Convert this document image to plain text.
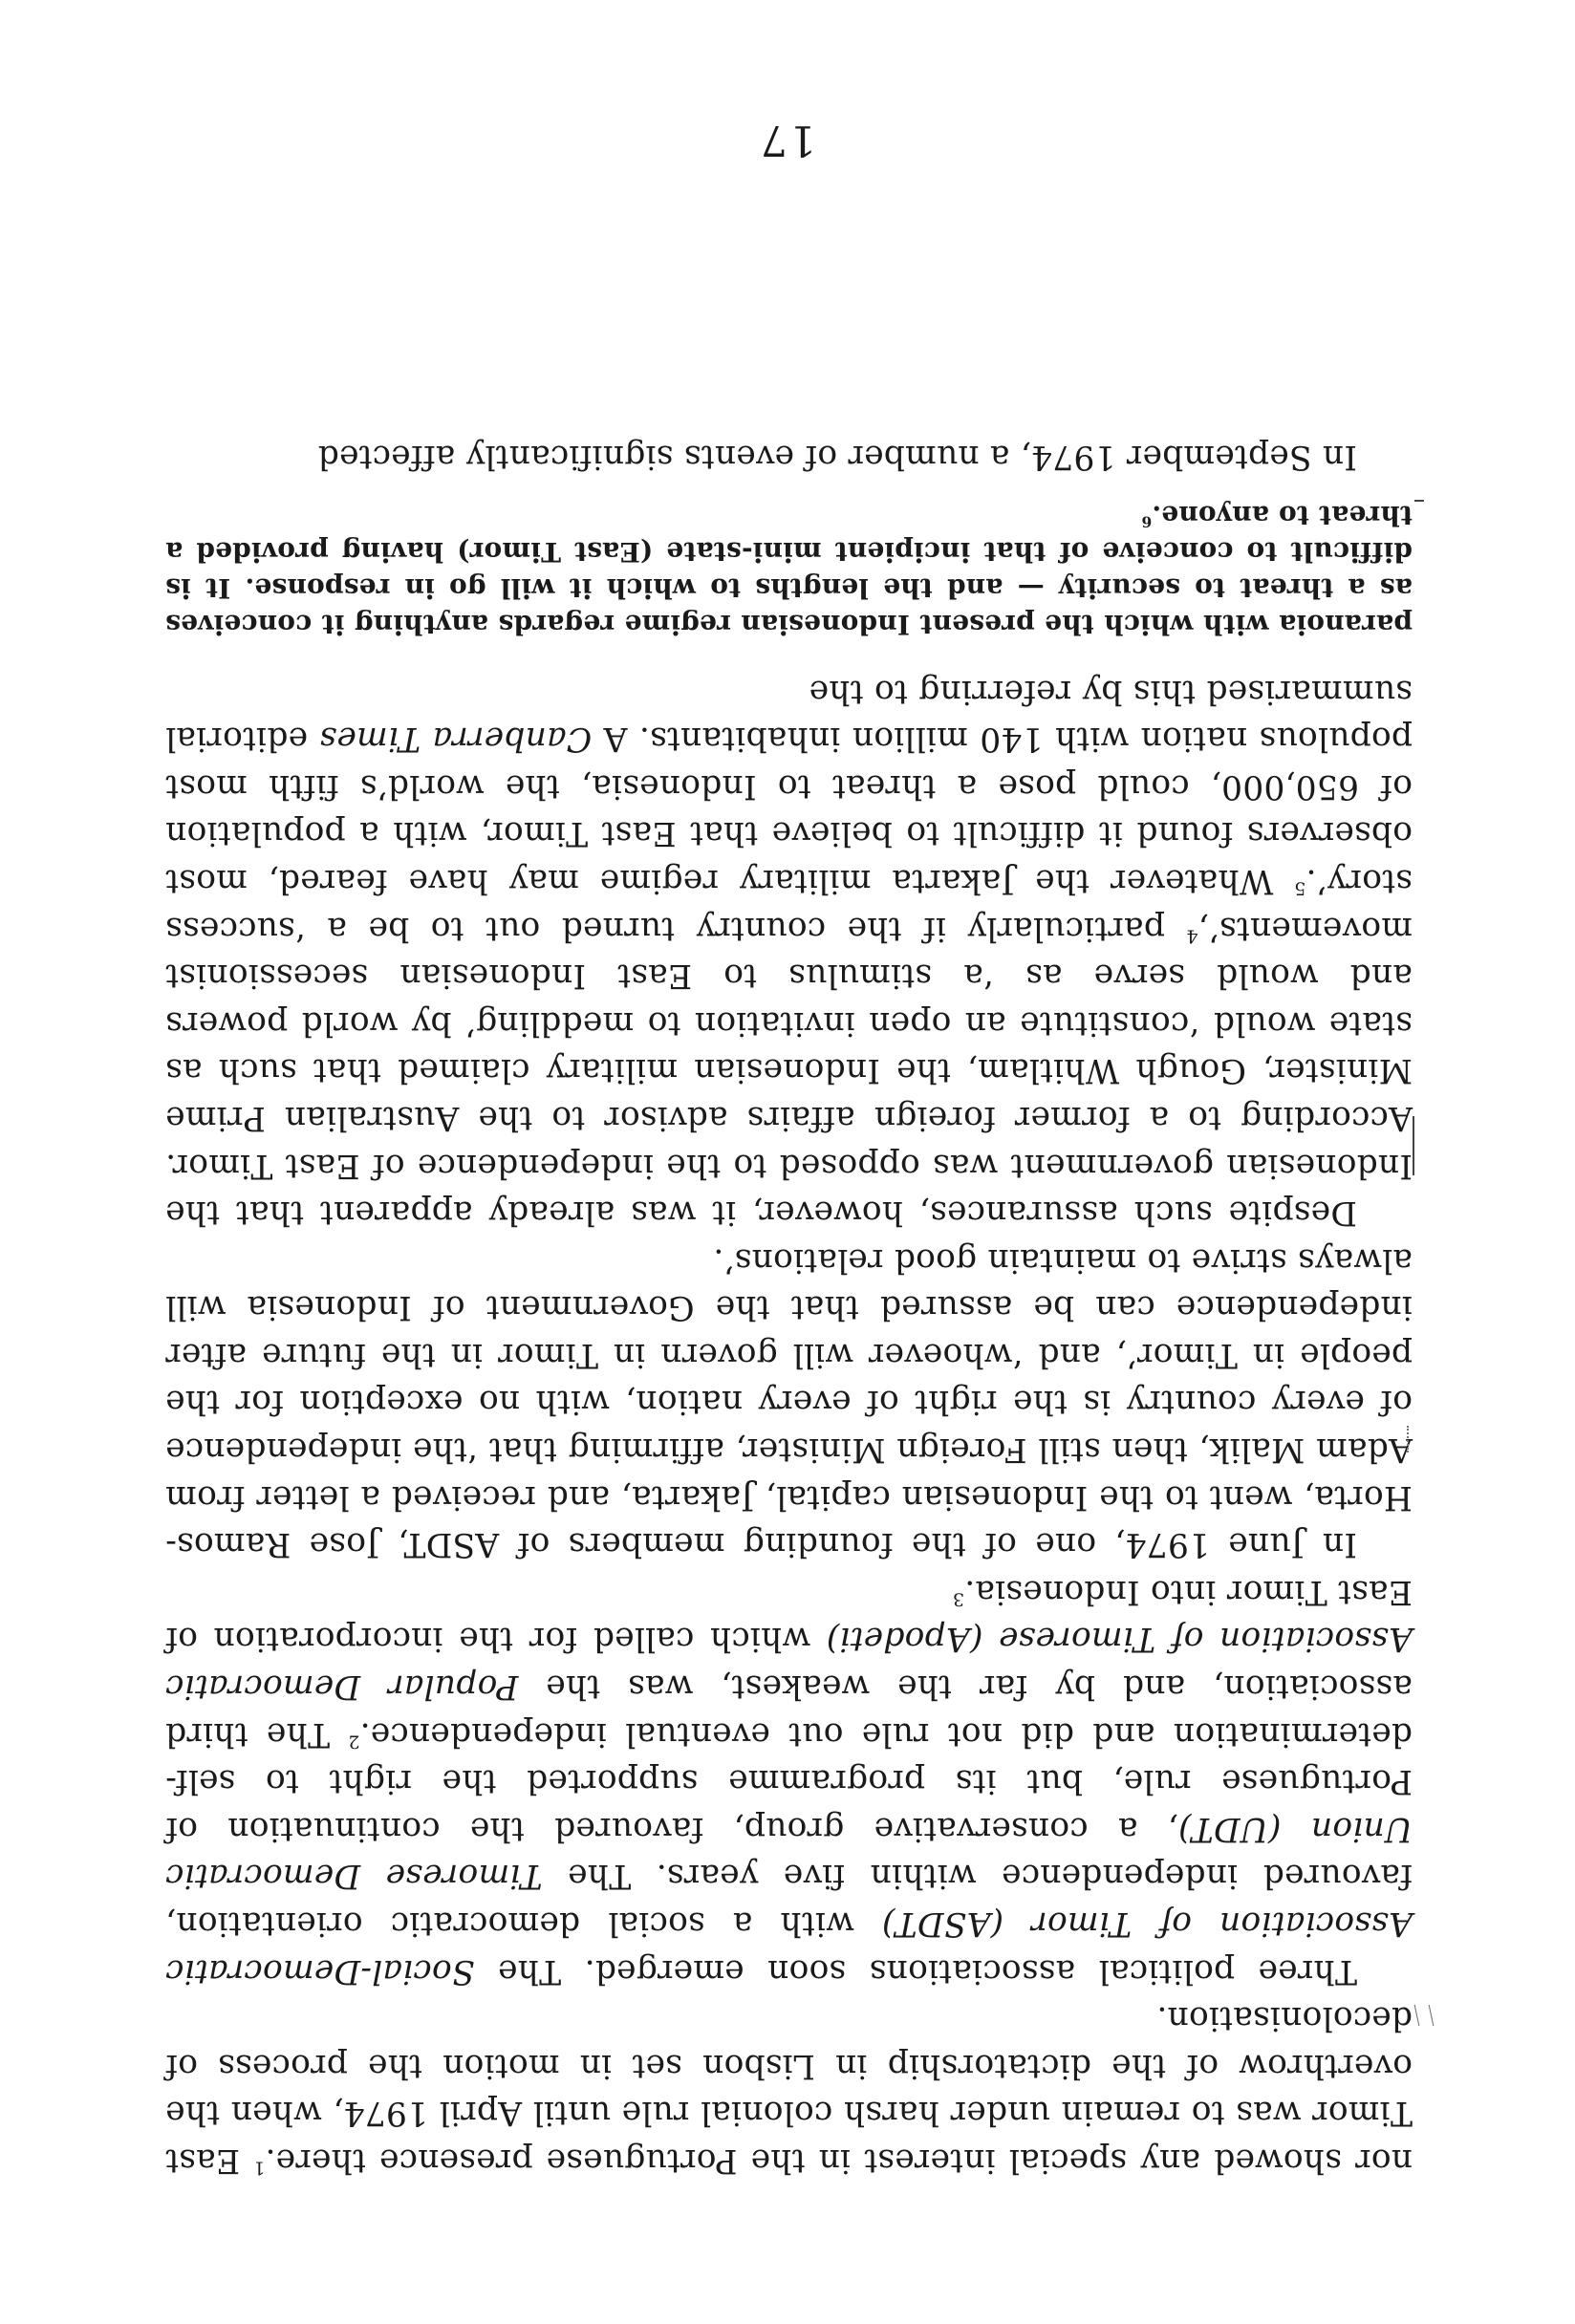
nor showed any special interest in the Portuguese presence there.$^1$ East Timor was to remain under harsh colonial rule until April 1974, when the overthrow of the dictatorship in Lisbon set in motion the process of decolonisation.

Three political associations soon emerged. The Social-Democratic Association of Timor (ASDT) with a social democratic orientation, favoured independence within five years. The Timorese Democratic Union (UDT), a conservative group, favoured the continuation of Portuguese rule, but its programme supported the right to self-determination and did not rule out eventual independence.$^2$ The third association, and by far the weakest, was the Popular Democratic Association of Timorese (Apodeti) which called for the incorporation of East Timor into Indonesia.$^3$

In June 1974, one of the founding members of ASDT, Jose Ramos-Horta, went to the Indonesian capital, Jakarta, and received a letter from Adam Malik, then still Foreign Minister, affirming that ‘the independence of every country is the right of every nation, with no exception for the people in Timor’, and ‘whoever will govern in Timor in the future after independence can be assured that the Government of Indonesia will always strive to maintain good relations’.

Despite such assurances, however, it was already apparent that the Indonesian government was opposed to the independence of East Timor. According to a former foreign affairs advisor to the Australian Prime Minister, Gough Whitlam, the Indonesian military claimed that such as state would ‘constitute an open invitation to meddling’ by world powers and would serve as ‘a stimulus to East Indonesian secessionist movements’,$^4$ particularly if the country turned out to be a ‘success story’.$^5$ Whatever the Jakarta military regime may have feared, most observers found it difficult to believe that East Timor, with a population of 650,000, could pose a threat to Indonesia, the world’s fifth most populous nation with 140 million inhabitants. A Canberra Times editorial summarised this by referring to the

paranoia with which the present Indonesian regime regards anything it conceives as a threat to security — and the lengths to which it will go in response. It is difficult to conceive of that incipient mini-state (East Timor) having provided a threat to anyone.$^6$

In September 1974, a number of events significantly affected

17
